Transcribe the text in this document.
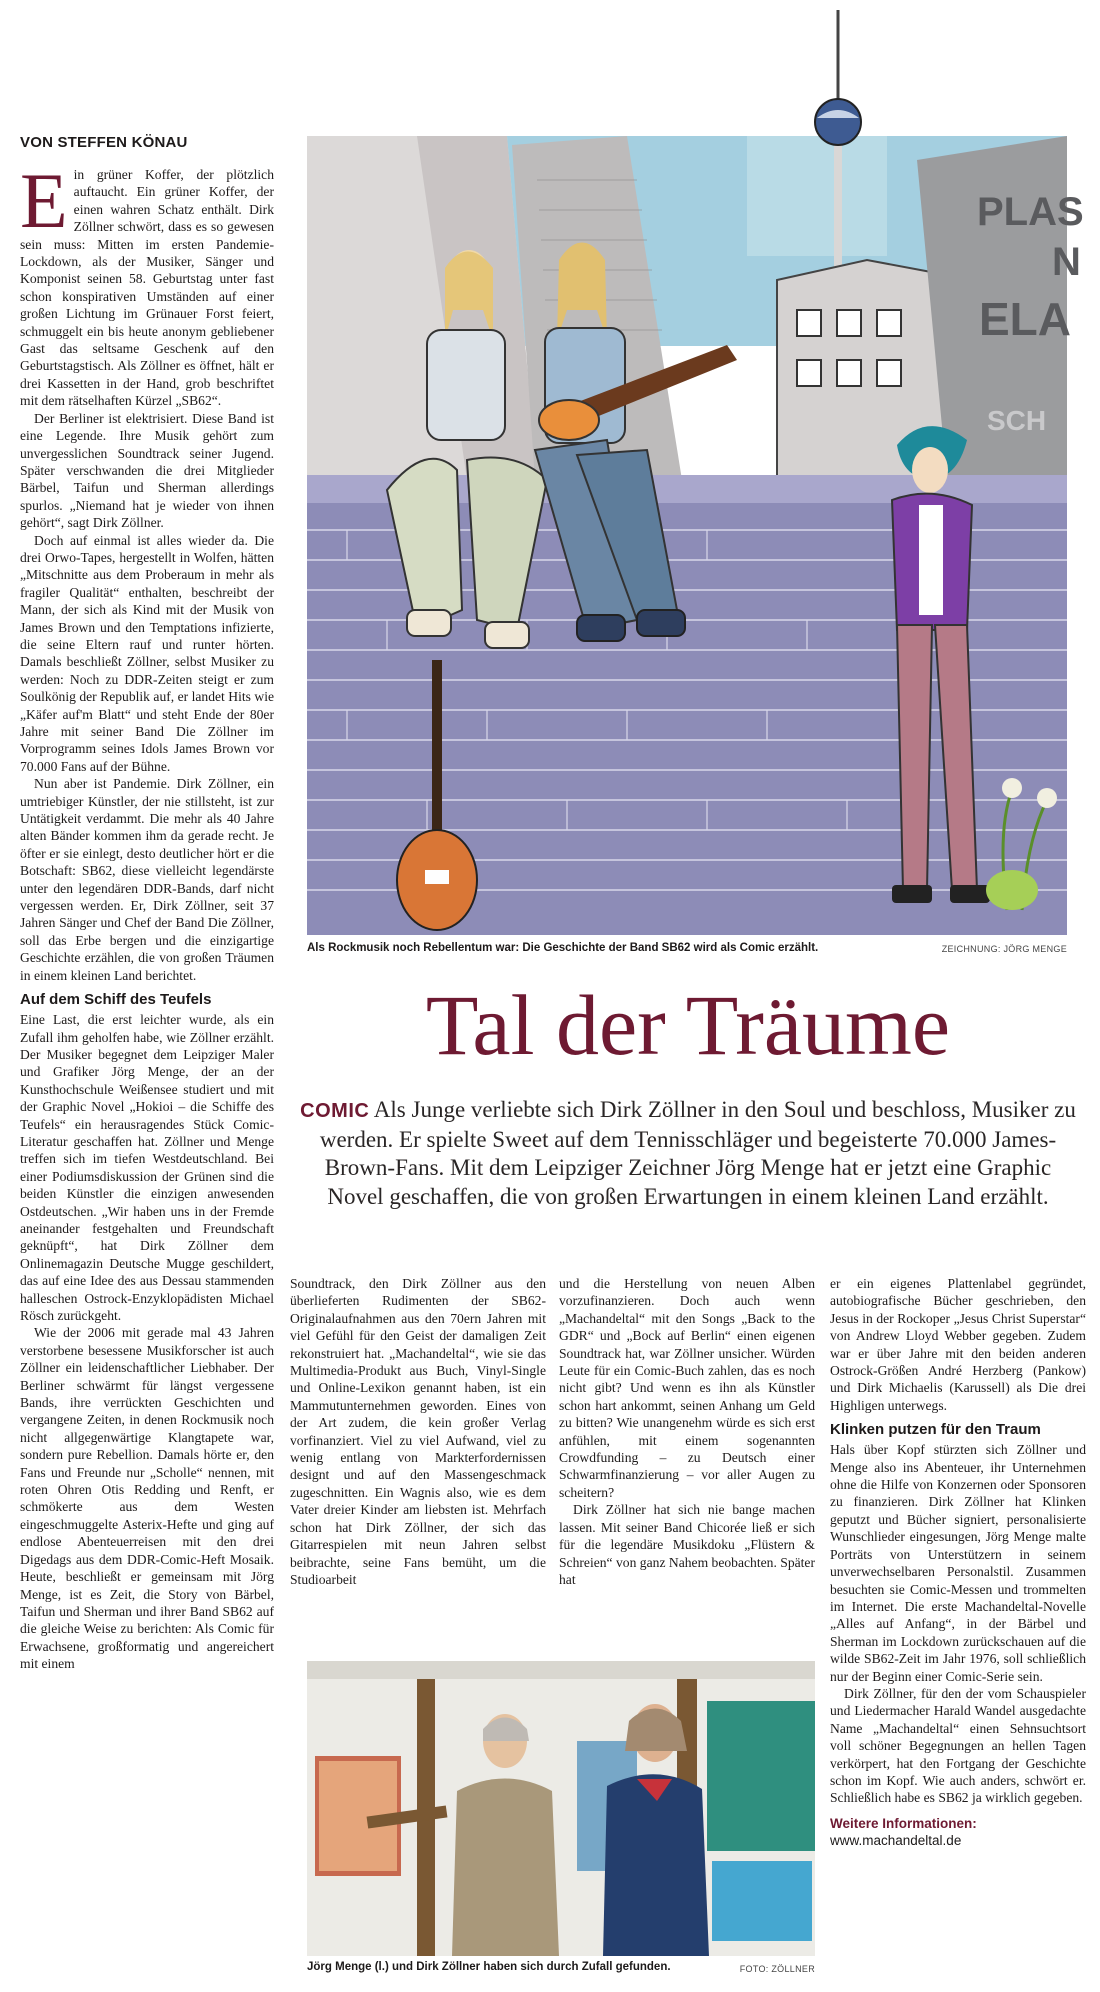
VON STEFFEN KÖNAU

Ein grüner Koffer, der plötzlich auftaucht. Ein grüner Koffer, der einen wahren Schatz enthält. Dirk Zöllner schwört, dass es so gewesen sein muss: Mitten im ersten Pandemie-Lockdown, als der Musiker, Sänger und Komponist seinen 58. Geburtstag unter fast schon konspirativen Umständen auf einer großen Lichtung im Grünauer Forst feiert, schmuggelt ein bis heute anonym gebliebener Gast das seltsame Geschenk auf den Geburtstagstisch. Als Zöllner es öffnet, hält er drei Kassetten in der Hand, grob beschriftet mit dem rätselhaften Kürzel „SB62“.

Der Berliner ist elektrisiert. Diese Band ist eine Legende. Ihre Musik gehört zum unvergesslichen Soundtrack seiner Jugend. Später verschwanden die drei Mitglieder Bärbel, Taifun und Sherman allerdings spurlos. „Niemand hat je wieder von ihnen gehört“, sagt Dirk Zöllner.

Doch auf einmal ist alles wieder da. Die drei Orwo-Tapes, hergestellt in Wolfen, hätten „Mitschnitte aus dem Proberaum in mehr als fragiler Qualität“ enthalten, beschreibt der Mann, der sich als Kind mit der Musik von James Brown und den Temptations infizierte, die seine Eltern rauf und runter hörten. Damals beschließt Zöllner, selbst Musiker zu werden: Noch zu DDR-Zeiten steigt er zum Soulkönig der Republik auf, er landet Hits wie „Käfer auf'm Blatt“ und steht Ende der 80er Jahre mit seiner Band Die Zöllner im Vorprogramm seines Idols James Brown vor 70.000 Fans auf der Bühne.

Nun aber ist Pandemie. Dirk Zöllner, ein umtriebiger Künstler, der nie stillsteht, ist zur Untätigkeit verdammt. Die mehr als 40 Jahre alten Bänder kommen ihm da gerade recht. Je öfter er sie einlegt, desto deutlicher hört er die Botschaft: SB62, diese vielleicht legendärste unter den legendären DDR-Bands, darf nicht vergessen werden. Er, Dirk Zöllner, seit 37 Jahren Sänger und Chef der Band Die Zöllner, soll das Erbe bergen und die einzigartige Geschichte erzählen, die von großen Träumen in einem kleinen Land berichtet.

Auf dem Schiff des Teufels

Eine Last, die erst leichter wurde, als ein Zufall ihm geholfen habe, wie Zöllner erzählt. Der Musiker begegnet dem Leipziger Maler und Grafiker Jörg Menge, der an der Kunsthochschule Weißensee studiert und mit der Graphic Novel „Hokioi – die Schiffe des Teufels“ ein herausragendes Stück Comic-Literatur geschaffen hat. Zöllner und Menge treffen sich im tiefen Westdeutschland. Bei einer Podiumsdiskussion der Grünen sind die beiden Künstler die einzigen anwesenden Ostdeutschen. „Wir haben uns in der Fremde aneinander festgehalten und Freundschaft geknüpft“, hat Dirk Zöllner dem Onlinemagazin Deutsche Mugge geschildert, das auf eine Idee des aus Dessau stammenden halleschen Ostrock-Enzyklopädisten Michael Rösch zurückgeht.

Wie der 2006 mit gerade mal 43 Jahren verstorbene besessene Musikforscher ist auch Zöllner ein leidenschaftlicher Liebhaber. Der Berliner schwärmt für längst vergessene Bands, ihre verrückten Geschichten und vergangene Zeiten, in denen Rockmusik noch nicht allgegenwärtige Klangtapete war, sondern pure Rebellion. Damals hörte er, den Fans und Freunde nur „Scholle“ nennen, mit roten Ohren Otis Redding und Renft, er schmökerte aus dem Westen eingeschmuggelte Asterix-Hefte und ging auf endlose Abenteuerreisen mit den drei Digedags aus dem DDR-Comic-Heft Mosaik. Heute, beschließt er gemeinsam mit Jörg Menge, ist es Zeit, die Story von Bärbel, Taifun und Sherman und ihrer Band SB62 auf die gleiche Weise zu berichten: Als Comic für Erwachsene, großformatig und angereichert mit einem

PLAS
N
ELA
SCH
Als Rockmusik noch Rebellentum war: Die Geschichte der Band SB62 wird als Comic erzählt.	ZEICHNUNG: JÖRG MENGE
Tal der Träume
COMIC Als Junge verliebte sich Dirk Zöllner in den Soul und beschloss, Musiker zu werden. Er spielte Sweet auf dem Tennisschläger und begeisterte 70.000 James-Brown-Fans. Mit dem Leipziger Zeichner Jörg Menge hat er jetzt eine Graphic Novel geschaffen, die von großen Erwartungen in einem kleinen Land erzählt.

Soundtrack, den Dirk Zöllner aus den überlieferten Rudimenten der SB62-Originalaufnahmen aus den 70ern Jahren mit viel Gefühl für den Geist der damaligen Zeit rekonstruiert hat. „Machandeltal“, wie sie das Multimedia-Produkt aus Buch, Vinyl-Single und Online-Lexikon genannt haben, ist ein Mammutunternehmen geworden. Eines von der Art zudem, die kein großer Verlag vorfinanziert. Viel zu viel Aufwand, viel zu wenig entlang von Markterfordernissen designt und auf den Massengeschmack zugeschnitten. Ein Wagnis also, wie es dem Vater dreier Kinder am liebsten ist. Mehrfach schon hat Dirk Zöllner, der sich das Gitarrespielen mit neun Jahren selbst beibrachte, seine Fans bemüht, um die Studioarbeit

und die Herstellung von neuen Alben vorzufinanzieren. Doch auch wenn „Machandeltal“ mit den Songs „Back to the GDR“ und „Bock auf Berlin“ einen eigenen Soundtrack hat, war Zöllner unsicher. Würden Leute für ein Comic-Buch zahlen, das es noch nicht gibt? Und wenn es ihn als Künstler schon hart ankommt, seinen Anhang um Geld zu bitten? Wie unangenehm würde es sich erst anfühlen, mit einem sogenannten Crowdfunding – zu Deutsch einer Schwarmfinanzierung – vor aller Augen zu scheitern?

Dirk Zöllner hat sich nie bange machen lassen. Mit seiner Band Chicorée ließ er sich für die legendäre Musikdoku „Flüstern & Schreien“ von ganz Nahem beobachten. Später hat

er ein eigenes Plattenlabel gegründet, autobiografische Bücher geschrieben, den Jesus in der Rockoper „Jesus Christ Superstar“ von Andrew Lloyd Webber gegeben. Zudem war er über Jahre mit den beiden anderen Ostrock-Größen André Herzberg (Pankow) und Dirk Michaelis (Karussell) als Die drei Highligen unterwegs.

Klinken putzen für den Traum

Hals über Kopf stürzten sich Zöllner und Menge also ins Abenteuer, ihr Unternehmen ohne die Hilfe von Konzernen oder Sponsoren zu finanzieren. Dirk Zöllner hat Klinken geputzt und Bücher signiert, personalisierte Wunschlieder eingesungen, Jörg Menge malte Porträts von Unterstützern in seinem unverwechselbaren Personalstil. Zusammen besuchten sie Comic-Messen und trommelten im Internet. Die erste Machandeltal-Novelle „Alles auf Anfang“, in der Bärbel und Sherman im Lockdown zurückschauen auf die wilde SB62-Zeit im Jahr 1976, soll schließlich nur der Beginn einer Comic-Serie sein.

Dirk Zöllner, für den der vom Schauspieler und Liedermacher Harald Wandel ausgedachte Name „Machandeltal“ einen Sehnsuchtsort voll schöner Begegnungen an hellen Tagen verkörpert, hat den Fortgang der Geschichte schon im Kopf. Wie auch anders, schwört er. Schließlich habe es SB62 ja wirklich gegeben.

Weitere Informationen:
www.machandeltal.de
Jörg Menge (l.) und Dirk Zöllner haben sich durch Zufall gefunden.	FOTO: ZÖLLNER
